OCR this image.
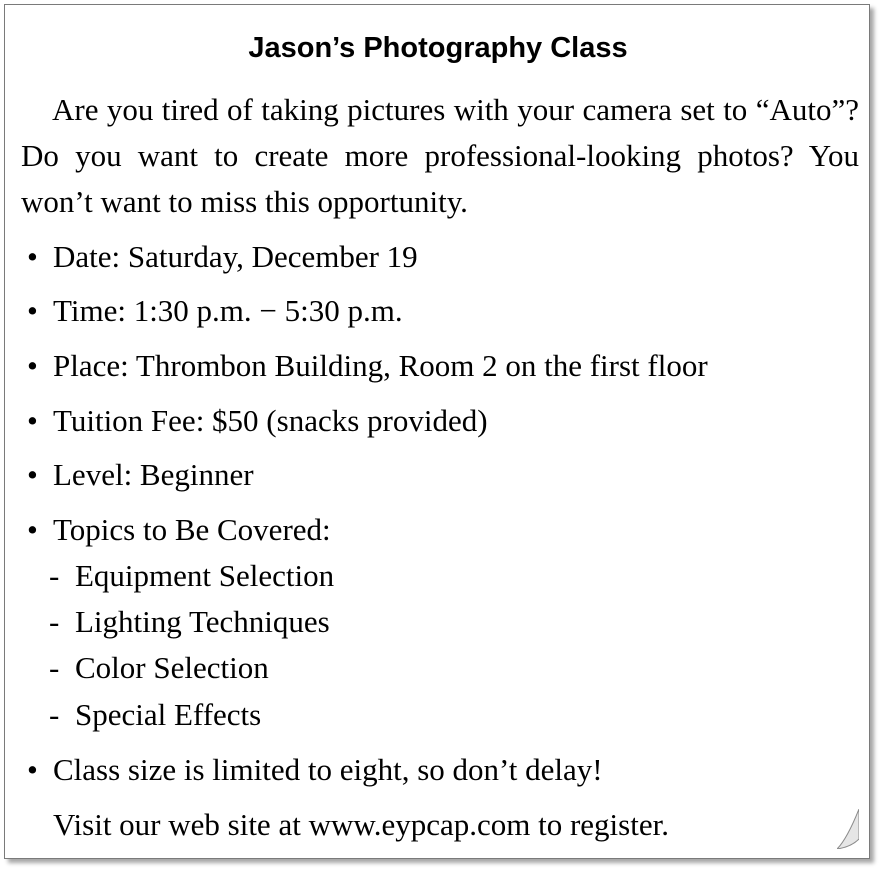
Jason’s Photography Class

Are you tired of taking pictures with your camera set to “Auto”? Do you want to create more professional-looking photos? You won’t want to miss this opportunity.

• Date: Saturday, December 19
• Time: 1:30 p.m. − 5:30 p.m.
• Place: Thrombon Building, Room 2 on the first floor
• Tuition Fee: $50 (snacks provided)
• Level: Beginner
• Topics to Be Covered:
- Equipment Selection
- Lighting Techniques
- Color Selection
- Special Effects
• Class size is limited to eight, so don’t delay!
Visit our web site at www.eypcap.com to register.
